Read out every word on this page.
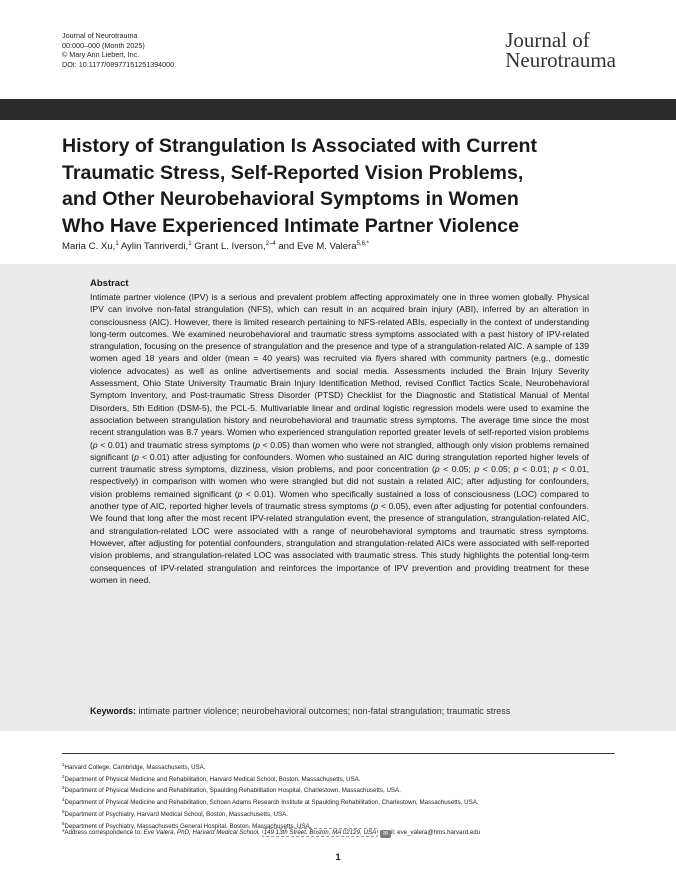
Journal of Neurotrauma
00:000–000 (Month 2025)
© Mary Ann Liebert, Inc.
DOI: 10.1177/08977151251394000
Journal of
Neurotrauma
History of Strangulation Is Associated with Current
Traumatic Stress, Self-Reported Vision Problems,
and Other Neurobehavioral Symptoms in Women
Who Have Experienced Intimate Partner Violence
Maria C. Xu,$^1$ Aylin Tanriverdi,$^1$ Grant L. Iverson,$^{2-4}$ and Eve M. Valera$^{5,6,*}$
Abstract
Intimate partner violence (IPV) is a serious and prevalent problem affecting approximately one in three women globally. Physical IPV can involve non-fatal strangulation (NFS), which can result in an acquired brain injury (ABI), inferred by an alteration in consciousness (AIC). However, there is limited research pertaining to NFS-related ABIs, especially in the context of understanding long-term outcomes. We examined neurobehavioral and traumatic stress symptoms associated with a past history of IPV-related strangulation, focusing on the presence of strangulation and the presence and type of a strangulation-related AIC. A sample of 139 women aged 18 years and older (mean = 40 years) was recruited via flyers shared with community partners (e.g., domestic violence advocates) as well as online advertisements and social media. Assessments included the Brain Injury Severity Assessment, Ohio State University Traumatic Brain Injury Identification Method, revised Conflict Tactics Scale, Neurobehavioral Symptom Inventory, and Post-traumatic Stress Disorder (PTSD) Checklist for the Diagnostic and Statistical Manual of Mental Disorders, 5th Edition (DSM-5), the PCL-5. Multivariable linear and ordinal logistic regression models were used to examine the association between strangulation history and neurobehavioral and traumatic stress symptoms. The average time since the most recent strangulation was 8.7 years. Women who experienced strangulation reported greater levels of self-reported vision problems (p < 0.01) and traumatic stress symptoms (p < 0.05) than women who were not strangled, although only vision problems remained significant (p < 0.01) after adjusting for confounders. Women who sustained an AIC during strangulation reported higher levels of current traumatic stress symptoms, dizziness, vision problems, and poor concentration (p < 0.05; p < 0.05; p < 0.01; p < 0.01, respectively) in comparison with women who were strangled but did not sustain a related AIC; after adjusting for confounders, vision problems remained significant (p < 0.01). Women who specifically sustained a loss of consciousness (LOC) compared to another type of AIC, reported higher levels of traumatic stress symptoms (p < 0.05), even after adjusting for potential confounders. We found that long after the most recent IPV-related strangulation event, the presence of strangulation, strangulation-related AIC, and strangulation-related LOC were associated with a range of neurobehavioral symptoms and traumatic stress symptoms. However, after adjusting for potential confounders, strangulation and strangulation-related AICs were associated with self-reported vision problems, and strangulation-related LOC was associated with traumatic stress. This study highlights the potential long-term consequences of IPV-related strangulation and reinforces the importance of IPV prevention and providing treatment for these women in need.
Keywords: intimate partner violence; neurobehavioral outcomes; non-fatal strangulation; traumatic stress
$^1$Harvard College, Cambridge, Massachusetts, USA.
$^2$Department of Physical Medicine and Rehabilitation, Harvard Medical School, Boston, Massachusetts, USA.
$^3$Department of Physical Medicine and Rehabilitation, Spaulding Rehabilitation Hospital, Charlestown, Massachusetts, USA.
$^4$Department of Physical Medicine and Rehabilitation, Schoen Adams Research Institute at Spaulding Rehabilitation, Charlestown, Massachusetts, USA.
$^5$Department of Psychiatry, Harvard Medical School, Boston, Massachusetts, USA.
$^6$Department of Psychiatry, Massachusetts General Hospital, Boston, Massachusetts, USA.
*Address correspondence to: Eve Valera, PhD, Harvard Medical School, 149 13th Street, Boston, MA 02129, USA ✉ il: eve_valera@hms.harvard.edu
1
